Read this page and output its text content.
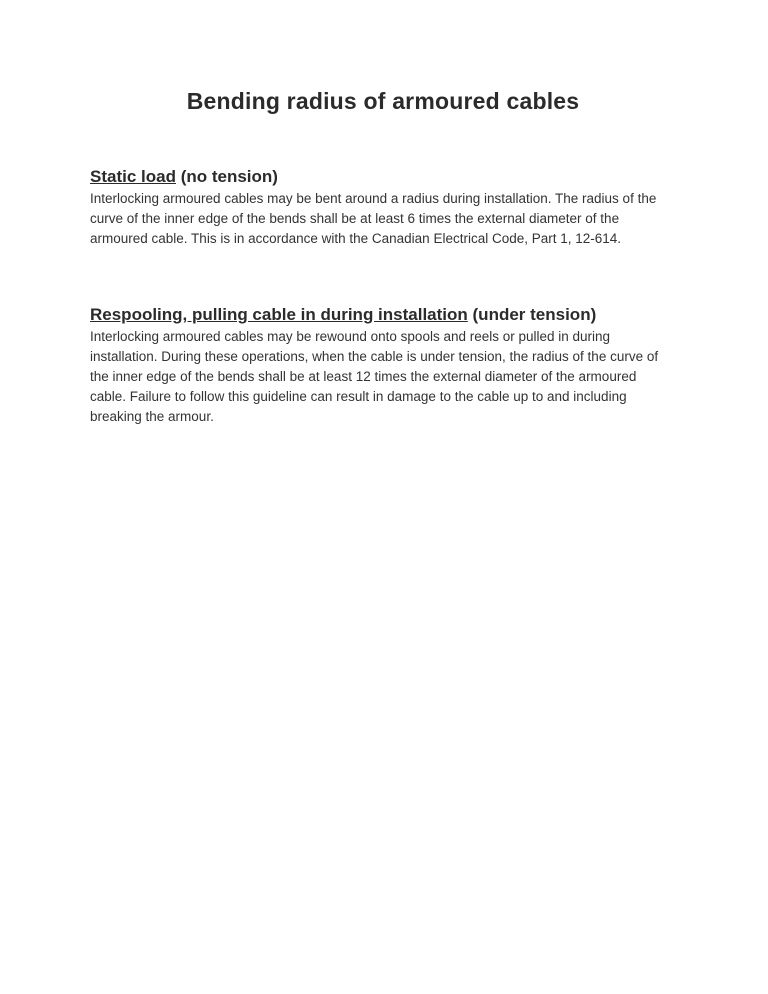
Bending radius of armoured cables
Static load (no tension)

Interlocking armoured cables may be bent around a radius during installation. The radius of the curve of the inner edge of the bends shall be at least 6 times the external diameter of the armoured cable. This is in accordance with the Canadian Electrical Code, Part 1, 12-614.

Respooling, pulling cable in during installation (under tension)

Interlocking armoured cables may be rewound onto spools and reels or pulled in during installation. During these operations, when the cable is under tension, the radius of the curve of the inner edge of the bends shall be at least 12 times the external diameter of the armoured cable. Failure to follow this guideline can result in damage to the cable up to and including breaking the armour.
